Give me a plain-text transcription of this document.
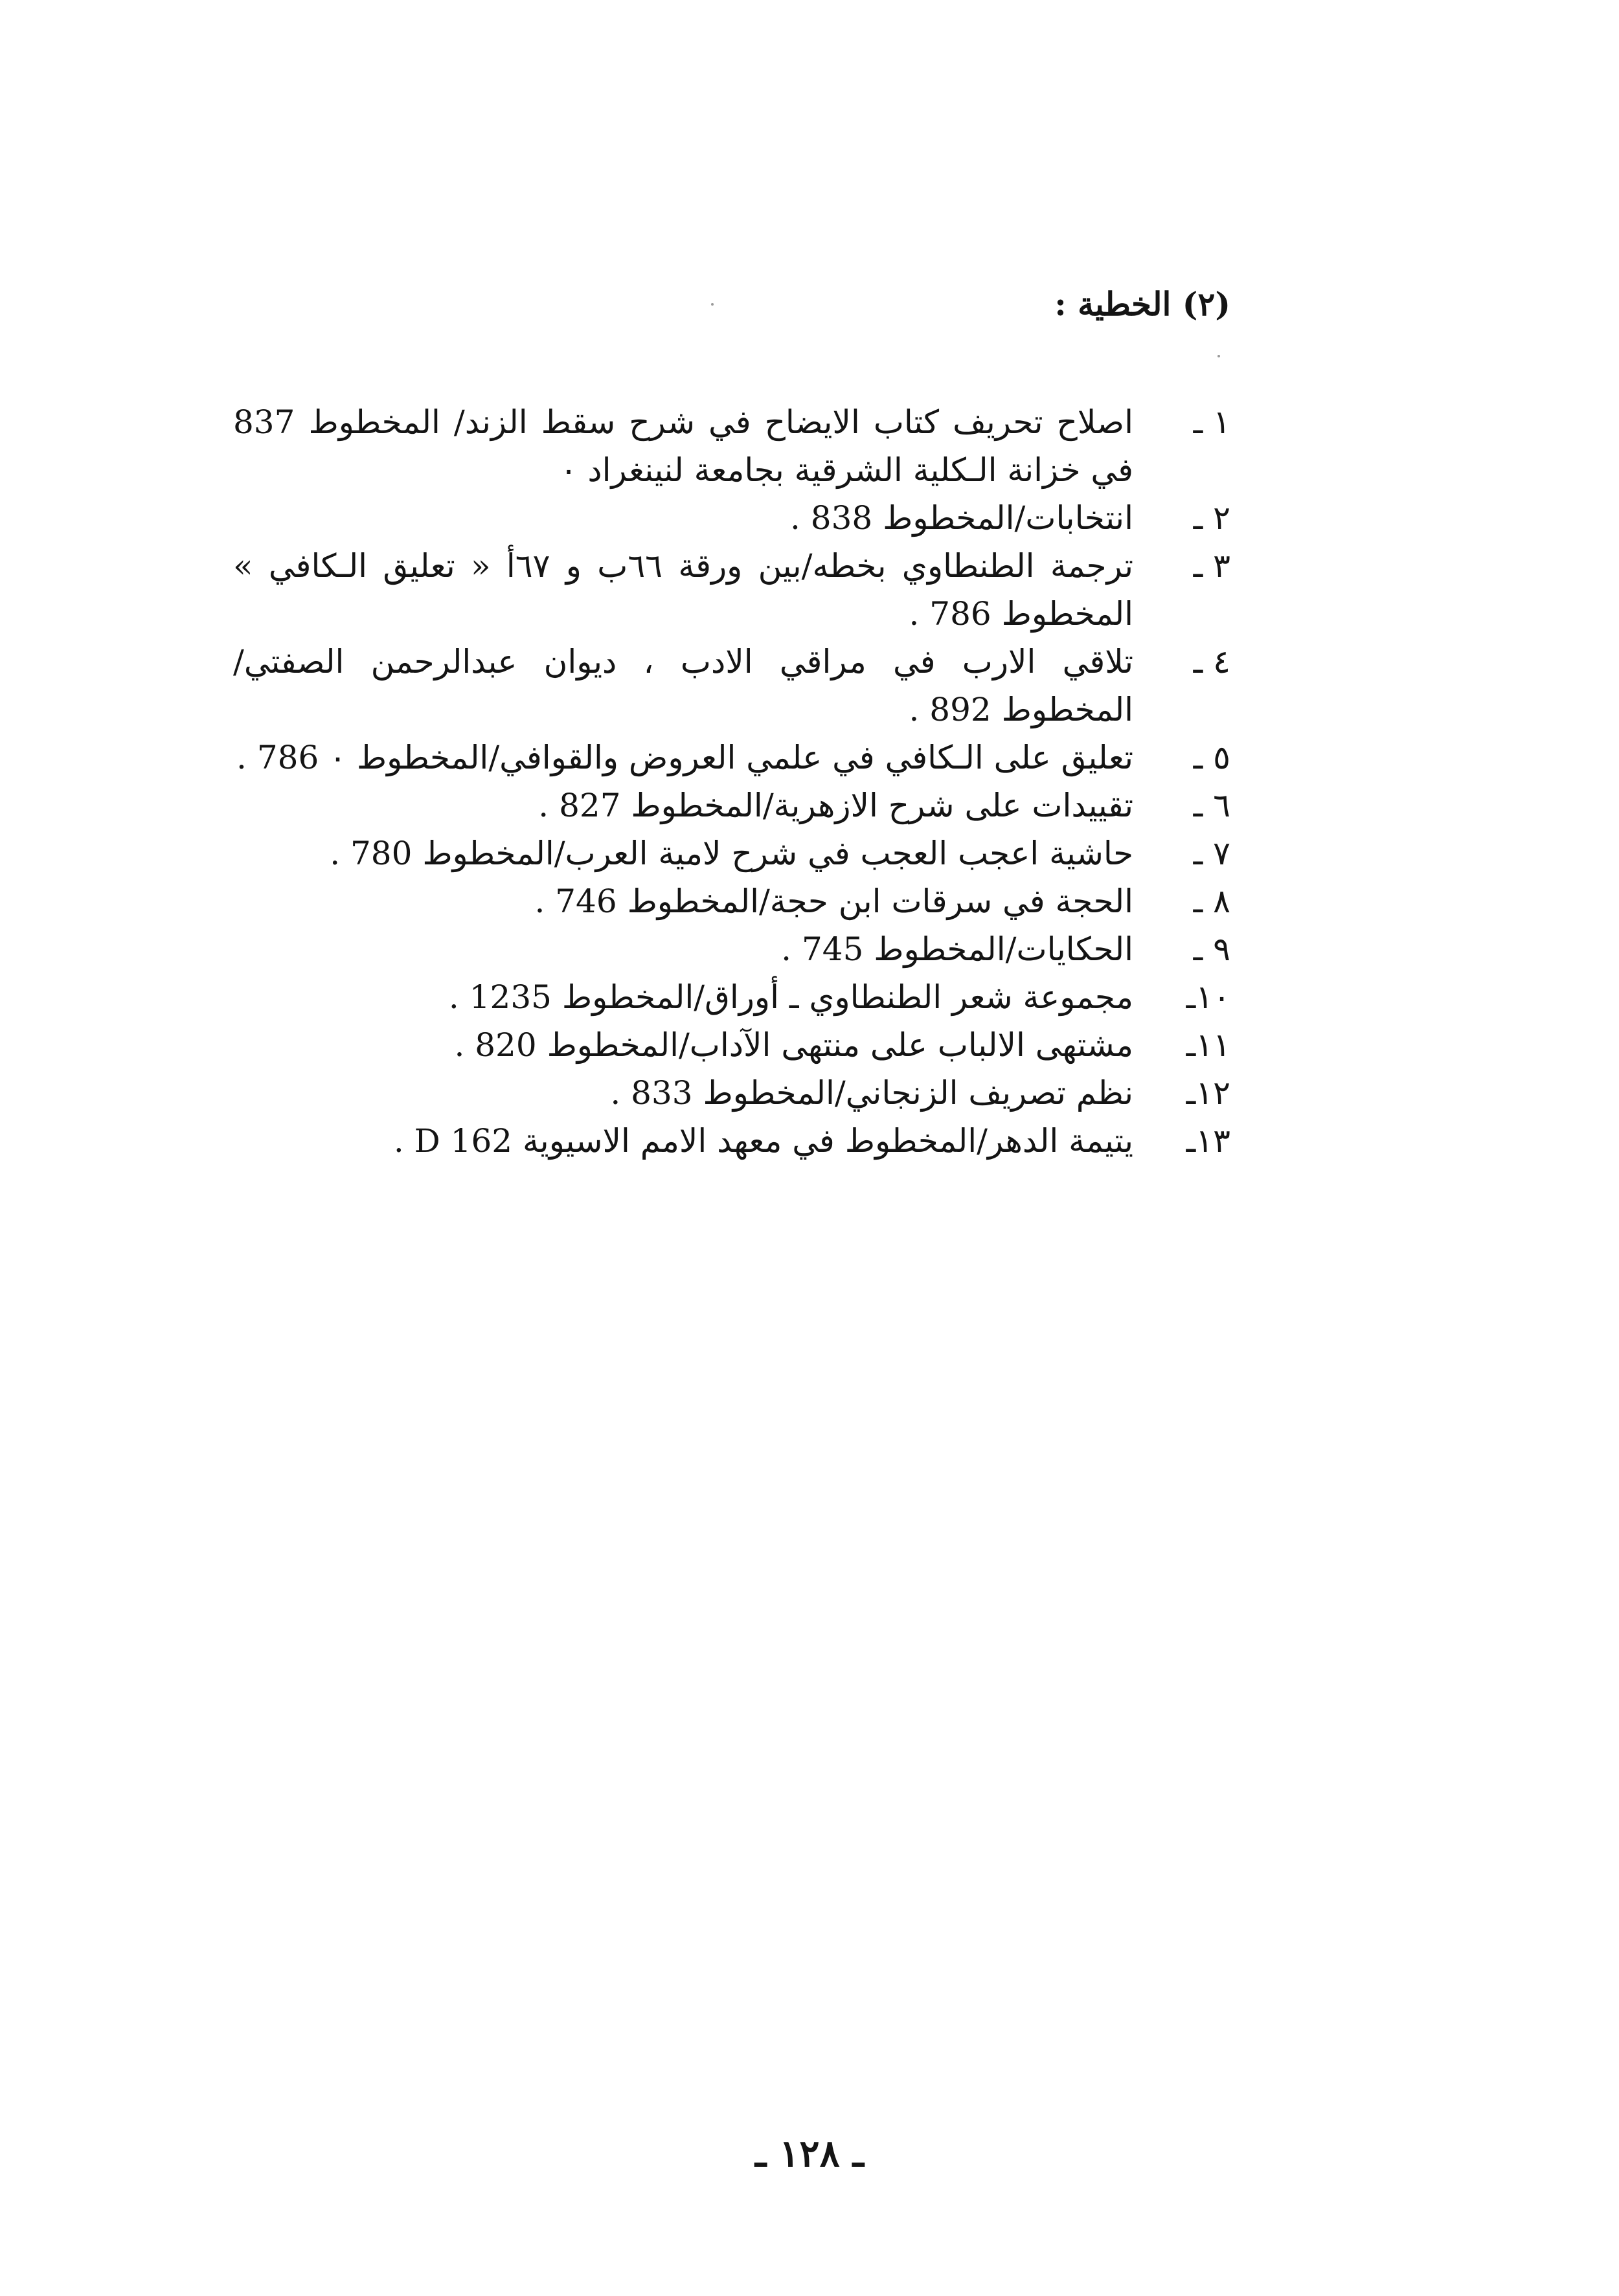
(٢) الخطية :
١ ـ
اصلاح تحريف كتاب الايضاح في شرح سقط الزند/ المخطوط 837 في خزانة الـكلية الشرقية بجامعة لنينغراد ٠
٢ ـ
انتخابات/المخطوط 838 .
٣ ـ
ترجمة الطنطاوي بخطه/بين ورقة ٦٦ب و ٦٧أ « تعليق الـكافي » المخطوط 786 .
٤ ـ
تلاقي الارب في مراقي الادب ، ديوان عبدالرحمن الصفتي/المخطوط 892 .
٥ ـ
تعليق على الـكافي في علمي العروض والقوافي/المخطوط ٠ 786 .
٦ ـ
تقييدات على شرح الازهرية/المخطوط 827 .
٧ ـ
حاشية اعجب العجب في شرح لامية العرب/المخطوط 780 .
٨ ـ
الحجة في سرقات ابن حجة/المخطوط 746 .
٩ ـ
الحكايات/المخطوط 745 .
١٠ـ
مجموعة شعر الطنطاوي ـ أوراق/المخطوط 1235 .
١١ـ
مشتهى الالباب على منتهى الآداب/المخطوط 820 .
١٢ـ
نظم تصريف الزنجاني/المخطوط 833 .
١٣ـ
يتيمة الدهر/المخطوط في معهد الامم الاسيوية D 162 .
ـ ١٢٨ ـ
